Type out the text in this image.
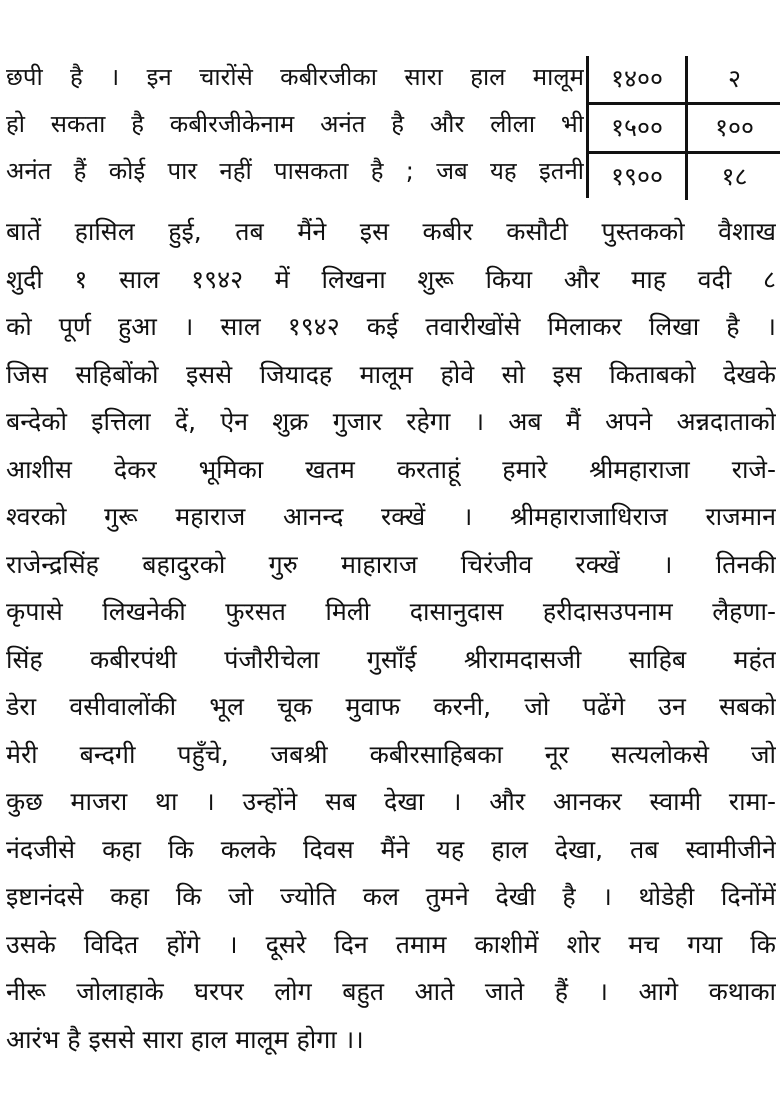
छपी है । इन चारोंसे कबीरजीका सारा हाल मालूम
हो सकता है कबीरजीकेनाम अनंत है और लीला भी
अनंत हैं कोई पार नहीं पासकता है ; जब यह इतनी
१४००	२
१५००	१००
१९००	१८
बातें हासिल हुई, तब मैंने इस कबीर कसौटी पुस्तकको वैशाख
शुदी १ साल १९४२ में लिखना शुरू किया और माह वदी ८
को पूर्ण हुआ । साल १९४२ कई तवारीखोंसे मिलाकर लिखा है ।
जिस सहिबोंको इससे जियादह मालूम होवे सो इस किताबको देखके
बन्देको इत्तिला दें, ऐन शुक्र गुजार रहेगा । अब मैं अपने अन्नदाताको
आशीस देकर भूमिका खतम करताहूं हमारे श्रीमहाराजा राजे-
श्वरको गुरू महाराज आनन्द रक्खें । श्रीमहाराजाधिराज राजमान
राजेन्द्रसिंह बहादुरको गुरु माहाराज चिरंजीव रक्खें । तिनकी
कृपासे लिखनेकी फुरसत मिली दासानुदास हरीदासउपनाम लैहणा-
सिंह कबीरपंथी पंजौरीचेला गुसाँई श्रीरामदासजी साहिब महंत
डेरा वसीवालोंकी भूल चूक मुवाफ करनी, जो पढेंगे उन सबको
मेरी बन्दगी पहुँचे, जबश्री कबीरसाहिबका नूर सत्यलोकसे जो
कुछ माजरा था । उन्होंने सब देखा । और आनकर स्वामी रामा-
नंदजीसे कहा कि कलके दिवस मैंने यह हाल देखा, तब स्वामीजीने
इष्टानंदसे कहा कि जो ज्योति कल तुमने देखी है । थोडेही दिनोंमें
उसके विदित होंगे । दूसरे दिन तमाम काशीमें शोर मच गया कि
नीरू जोलाहाके घरपर लोग बहुत आते जाते हैं । आगे कथाका
आरंभ है इससे सारा हाल मालूम होगा ।।
